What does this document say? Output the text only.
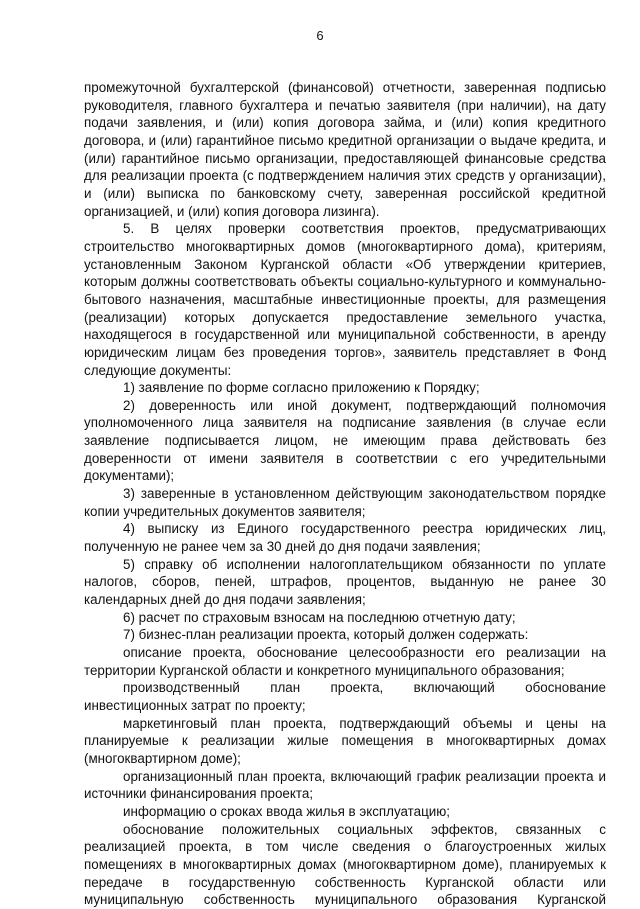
6

промежуточной бухгалтерской (финансовой) отчетности, заверенная подписью

руководителя, главного бухгалтера и печатью заявителя (при наличии), на дату

подачи заявления, и (или) копия договора займа, и (или) копия кредитного

договора, и (или) гарантийное письмо кредитной организации о выдаче кредита, и

(или) гарантийное письмо организации, предоставляющей финансовые средства

для реализации проекта (с подтверждением наличия этих средств у организации),

и (или) выписка по банковскому счету, заверенная российской кредитной

организацией, и (или) копия договора лизинга).

5. В целях проверки соответствия проектов, предусматривающих

строительство многоквартирных домов (многоквартирного дома), критериям,

установленным Законом Курганской области «Об утверждении критериев,

которым должны соответствовать объекты социально-культурного и коммунально-

бытового назначения, масштабные инвестиционные проекты, для размещения

(реализации) которых допускается предоставление земельного участка,

находящегося в государственной или муниципальной собственности, в аренду

юридическим лицам без проведения торгов», заявитель представляет в Фонд

следующие документы:

1) заявление по форме согласно приложению к Порядку;

2) доверенность или иной документ, подтверждающий полномочия

уполномоченного лица заявителя на подписание заявления (в случае если

заявление подписывается лицом, не имеющим права действовать без

доверенности от имени заявителя в соответствии с его учредительными

документами);

3) заверенные в установленном действующим законодательством порядке

копии учредительных документов заявителя;

4) выписку из Единого государственного реестра юридических лиц,

полученную не ранее чем за 30 дней до дня подачи заявления;

5) справку об исполнении налогоплательщиком обязанности по уплате

налогов, сборов, пеней, штрафов, процентов, выданную не ранее 30

календарных дней до дня подачи заявления;

6) расчет по страховым взносам на последнюю отчетную дату;

7) бизнес-план реализации проекта, который должен содержать:

описание проекта, обоснование целесообразности его реализации на

территории Курганской области и конкретного муниципального образования;

производственный план проекта, включающий обоснование

инвестиционных затрат по проекту;

маркетинговый план проекта, подтверждающий объемы и цены на

планируемые к реализации жилые помещения в многоквартирных домах

(многоквартирном доме);

организационный план проекта, включающий график реализации проекта и

источники финансирования проекта;

информацию о сроках ввода жилья в эксплуатацию;

обоснование положительных социальных эффектов, связанных с

реализацией проекта, в том числе сведения о благоустроенных жилых

помещениях в многоквартирных домах (многоквартирном доме), планируемых к

передаче в государственную собственность Курганской области или

муниципальную собственность муниципального образования Курганской
